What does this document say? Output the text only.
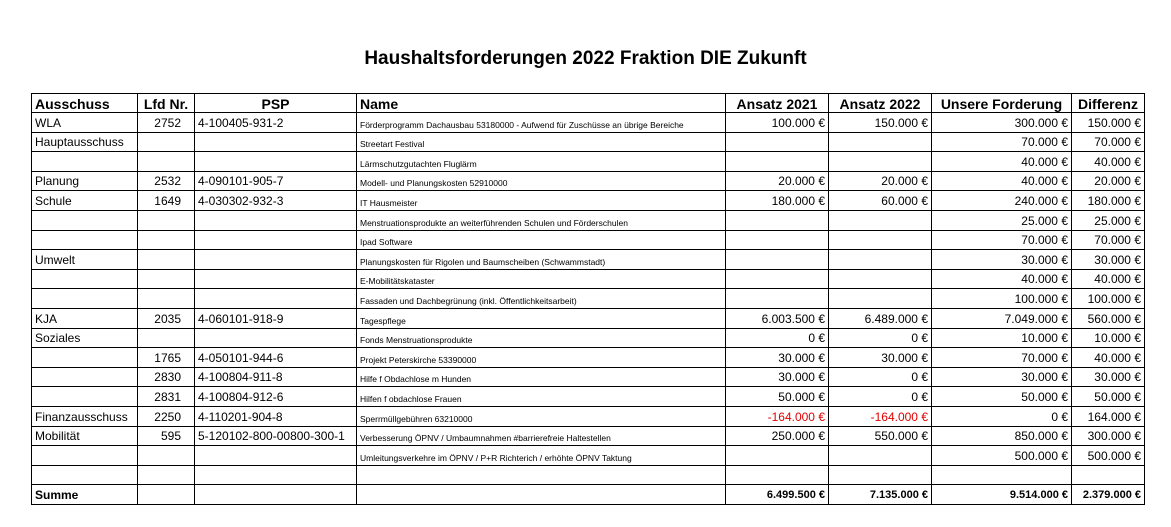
Haushaltsforderungen 2022 Fraktion DIE Zukunft
Ausschuss	Lfd Nr.	PSP	Name	Ansatz 2021	Ansatz 2022	Unsere Forderung	Differenz
WLA	2752	4-100405-931-2	Förderprogramm Dachausbau 53180000 - Aufwend für Zuschüsse an übrige Bereiche	100.000 €	150.000 €	300.000 €	150.000 €
Hauptausschuss			Streetart Festival			70.000 €	70.000 €
			Lärmschutzgutachten Fluglärm			40.000 €	40.000 €
Planung	2532	4-090101-905-7	Modell- und Planungskosten 52910000	20.000 €	20.000 €	40.000 €	20.000 €
Schule	1649	4-030302-932-3	IT Hausmeister	180.000 €	60.000 €	240.000 €	180.000 €
			Menstruationsprodukte an weiterführenden Schulen und Förderschulen			25.000 €	25.000 €
			Ipad Software			70.000 €	70.000 €
Umwelt			Planungskosten für Rigolen und Baumscheiben (Schwammstadt)			30.000 €	30.000 €
			E-Mobilitätskataster			40.000 €	40.000 €
			Fassaden und Dachbegrünung (inkl. Öffentlichkeitsarbeit)			100.000 €	100.000 €
KJA	2035	4-060101-918-9	Tagespflege	6.003.500 €	6.489.000 €	7.049.000 €	560.000 €
Soziales			Fonds Menstruationsprodukte	0 €	0 €	10.000 €	10.000 €
	1765	4-050101-944-6	Projekt Peterskirche 53390000	30.000 €	30.000 €	70.000 €	40.000 €
	2830	4-100804-911-8	Hilfe f Obdachlose m Hunden	30.000 €	0 €	30.000 €	30.000 €
	2831	4-100804-912-6	Hilfen f obdachlose Frauen	50.000 €	0 €	50.000 €	50.000 €
Finanzausschuss	2250	4-110201-904-8	Sperrmüllgebühren 63210000	-164.000 €	-164.000 €	0 €	164.000 €
Mobilität	595	5-120102-800-00800-300-1	Verbesserung ÖPNV / Umbaumnahmen #barrierefreie Haltestellen	250.000 €	550.000 €	850.000 €	300.000 €
			Umleitungsverkehre im ÖPNV / P+R Richterich / erhöhte ÖPNV Taktung			500.000 €	500.000 €

Summe				6.499.500 €	7.135.000 €	9.514.000 €	2.379.000 €
